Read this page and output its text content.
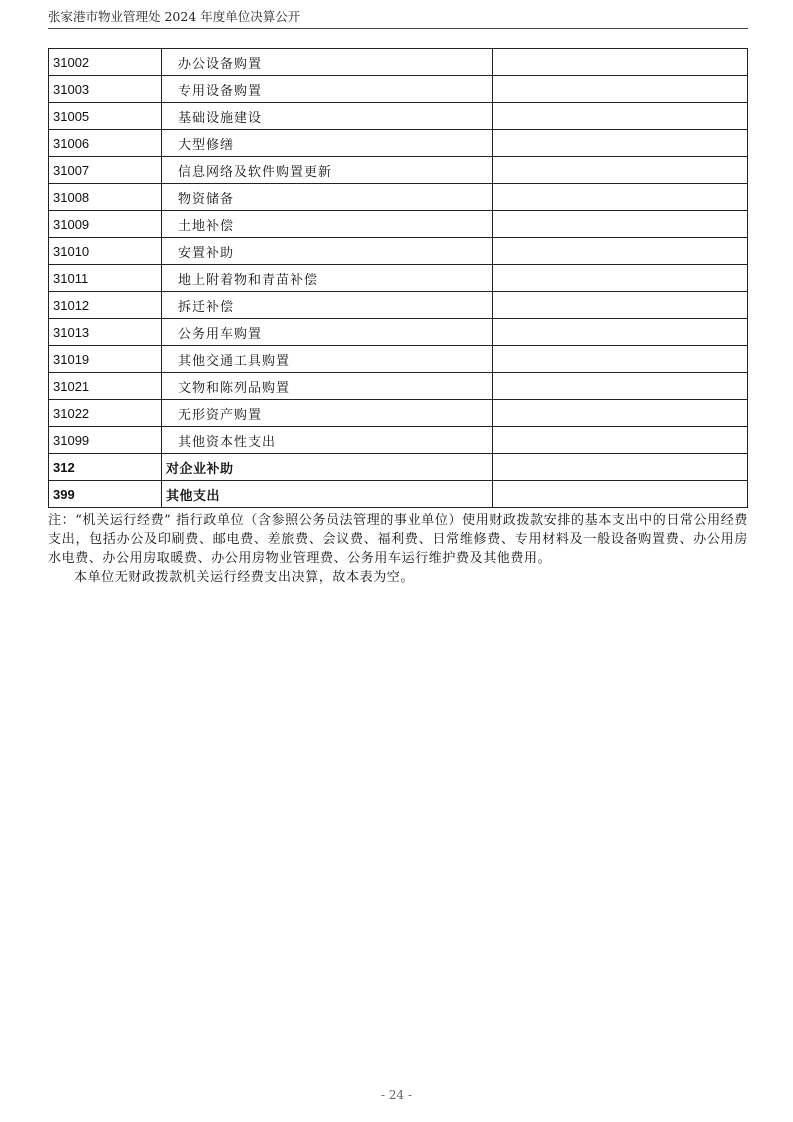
张家港市物业管理处 2024 年度单位决算公开
31002	办公设备购置	
31003	专用设备购置	
31005	基础设施建设	
31006	大型修缮	
31007	信息网络及软件购置更新	
31008	物资储备	
31009	土地补偿	
31010	安置补助	
31011	地上附着物和青苗补偿	
31012	拆迁补偿	
31013	公务用车购置	
31019	其他交通工具购置	
31021	文物和陈列品购置	
31022	无形资产购置	
31099	其他资本性支出	
312	对企业补助	
399	其他支出	

注：“机关运行经费” 指行政单位（含参照公务员法管理的事业单位）使用财政拨款安排的基本支出中的日常公用经费支出，包括办公及印刷费、邮电费、差旅费、会议费、福利费、日常维修费、专用材料及一般设备购置费、办公用房水电费、办公用房取暖费、办公用房物业管理费、公务用车运行维护费及其他费用。

本单位无财政拨款机关运行经费支出决算，故本表为空。

- 24 -
